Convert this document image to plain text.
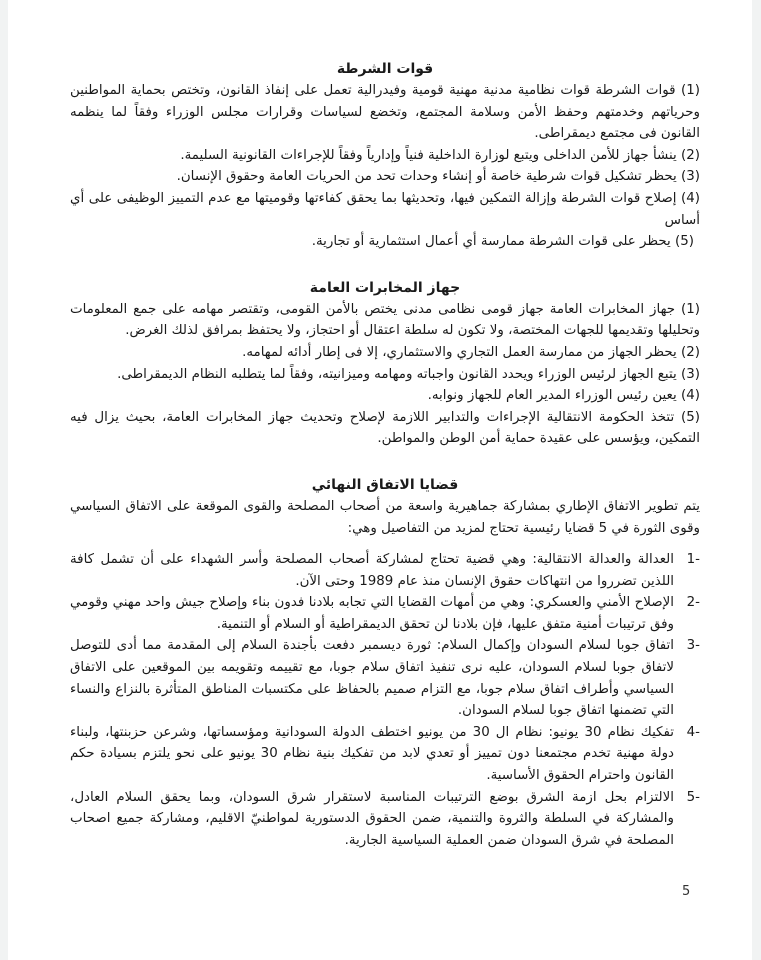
قوات الشرطة

(1) قوات الشرطة قوات نظامية مدنية مهنية قومية وفيدرالية تعمل على إنفاذ القانون، وتختص بحماية المواطنين وحرياتهم وخدمتهم وحفظ الأمن وسلامة المجتمع، وتخضع لسياسات وقرارات مجلس الوزراء وفقاً لما ينظمه القانون فى مجتمع ديمقراطى.

(2) ينشأ جهاز للأمن الداخلى ويتبع لوزارة الداخلية فنياً وإدارياً وفقاً للإجراءات القانونية السليمة.

(3) يحظر تشكيل قوات شرطية خاصة أو إنشاء وحدات تحد من الحريات العامة وحقوق الإنسان.

(4) إصلاح قوات الشرطة وإزالة التمكين فيها، وتحديثها بما يحقق كفاءتها وقوميتها مع عدم التمييز الوظيفى على أي أساس

(5) يحظر على قوات الشرطة ممارسة أي أعمال استثمارية أو تجارية.

جهاز المخابرات العامة

(1) جهاز المخابرات العامة جهاز قومى نظامى مدنى يختص بالأمن القومى، وتقتصر مهامه على جمع المعلومات وتحليلها وتقديمها للجهات المختصة، ولا تكون له سلطة اعتقال أو احتجاز، ولا يحتفظ بمرافق لذلك الغرض.

(2) يحظر الجهاز من ممارسة العمل التجاري والاستثماري، إلا فى إطار أدائه لمهامه.

(3) يتبع الجهاز لرئيس الوزراء ويحدد القانون واجباته ومهامه وميزانيته، وفقاً لما يتطلبه النظام الديمقراطى.

(4) يعين رئيس الوزراء المدير العام للجهاز ونوابه.

(5) تتخذ الحكومة الانتقالية الإجراءات والتدابير اللازمة لإصلاح وتحديث جهاز المخابرات العامة، بحيث يزال فيه التمكين، ويؤسس على عقيدة حماية أمن الوطن والمواطن.

قضايا الاتفاق النهائي

يتم تطوير الاتفاق الإطاري بمشاركة جماهيرية واسعة من أصحاب المصلحة والقوى الموقعة على الاتفاق السياسي وقوى الثورة في 5 قضايا رئيسية تحتاج لمزيد من التفاصيل وهي:

-1
العدالة والعدالة الانتقالية: وهي قضية تحتاج لمشاركة أصحاب المصلحة وأسر الشهداء على أن تشمل كافة اللذين تضرروا من انتهاكات حقوق الإنسان منذ عام 1989 وحتى الآن.
-2
الإصلاح الأمني والعسكري: وهي من أمهات القضايا التي تجابه بلادنا فدون بناء وإصلاح جيش واحد مهني وقومي وفق ترتيبات أمنية متفق عليها، فإن بلادنا لن تحقق الديمقراطية أو السلام أو التنمية.
-3
اتفاق جوبا لسلام السودان وإكمال السلام: ثورة ديسمبر دفعت بأجندة السلام إلى المقدمة مما أدى للتوصل لاتفاق جوبا لسلام السودان، عليه نرى تنفيذ اتفاق سلام جوبا، مع تقييمه وتقويمه بين الموقعين على الاتفاق السياسي وأطراف اتفاق سلام جوبا، مع التزام صميم بالحفاظ على مكتسبات المناطق المتأثرة بالنزاع والنساء التي تضمنها اتفاق جوبا لسلام السودان.
-4
تفكيك نظام 30 يونيو: نظام ال 30 من يونيو اختطف الدولة السودانية ومؤسساتها، وشرعن حزبنتها، ولبناء دولة مهنية تخدم مجتمعنا دون تمييز أو تعدي لابد من تفكيك بنية نظام 30 يونيو على نحو يلتزم بسيادة حكم القانون واحترام الحقوق الأساسية.
-5
الالتزام بحل ازمة الشرق بوضع الترتيبات المناسبة لاستقرار شرق السودان، وبما يحقق السلام العادل، والمشاركة في السلطة والثروة والتنمية، ضمن الحقوق الدستورية لمواطنيّ الاقليم، ومشاركة جميع اصحاب المصلحة في شرق السودان ضمن العملية السياسية الجارية.
5
